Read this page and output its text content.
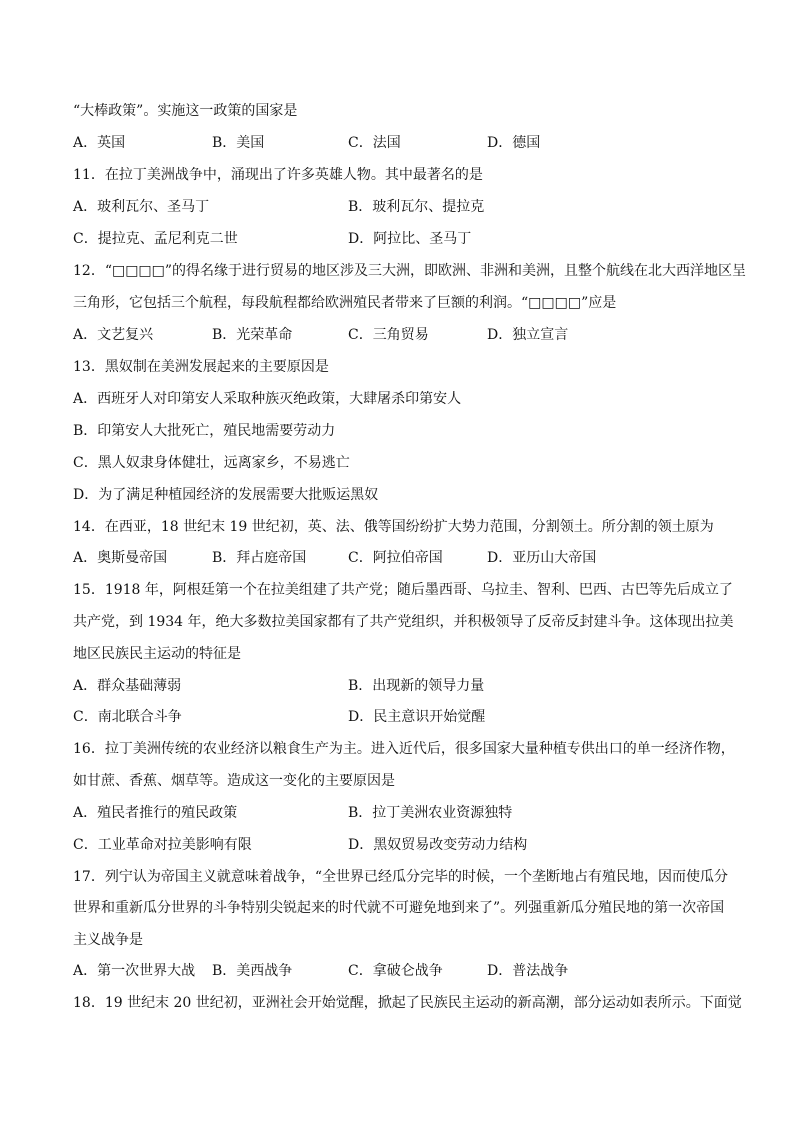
“大棒政策”。实施这一政策的国家是
A．英国	B．美国	C．法国	D．德国
11．在拉丁美洲战争中，涌现出了许多英雄人物。其中最著名的是
A．玻利瓦尔、圣马丁	B．玻利瓦尔、提拉克
C．提拉克、孟尼利克二世	D．阿拉比、圣马丁
12．“□□□□”的得名缘于进行贸易的地区涉及三大洲，即欧洲、非洲和美洲，且整个航线在北大西洋地区呈
三角形，它包括三个航程，每段航程都给欧洲殖民者带来了巨额的利润。“□□□□”应是
A．文艺复兴	B．光荣革命	C．三角贸易	D．独立宣言
13．黑奴制在美洲发展起来的主要原因是
A．西班牙人对印第安人采取种族灭绝政策，大肆屠杀印第安人
B．印第安人大批死亡，殖民地需要劳动力
C．黑人奴隶身体健壮，远离家乡，不易逃亡
D．为了满足种植园经济的发展需要大批贩运黑奴
14．在西亚，18 世纪末 19 世纪初，英、法、俄等国纷纷扩大势力范围，分割领土。所分割的领土原为
A．奥斯曼帝国	B．拜占庭帝国	C．阿拉伯帝国	D．亚历山大帝国
15．1918 年，阿根廷第一个在拉美组建了共产党；随后墨西哥、乌拉圭、智利、巴西、古巴等先后成立了
共产党，到 1934 年，绝大多数拉美国家都有了共产党组织，并积极领导了反帝反封建斗争。这体现出拉美
地区民族民主运动的特征是
A．群众基础薄弱	B．出现新的领导力量
C．南北联合斗争	D．民主意识开始觉醒
16．拉丁美洲传统的农业经济以粮食生产为主。进入近代后，很多国家大量种植专供出口的单一经济作物，
如甘蔗、香蕉、烟草等。造成这一变化的主要原因是
A．殖民者推行的殖民政策	B．拉丁美洲农业资源独特
C．工业革命对拉美影响有限	D．黑奴贸易改变劳动力结构
17．列宁认为帝国主义就意味着战争，“全世界已经瓜分完毕的时候，一个垄断地占有殖民地，因而使瓜分
世界和重新瓜分世界的斗争特别尖锐起来的时代就不可避免地到来了”。列强重新瓜分殖民地的第一次帝国
主义战争是
A．第一次世界大战 B．美西战争	C．拿破仑战争	D．普法战争
18．19 世纪末 20 世纪初，亚洲社会开始觉醒，掀起了民族民主运动的新高潮，部分运动如表所示。下面觉
